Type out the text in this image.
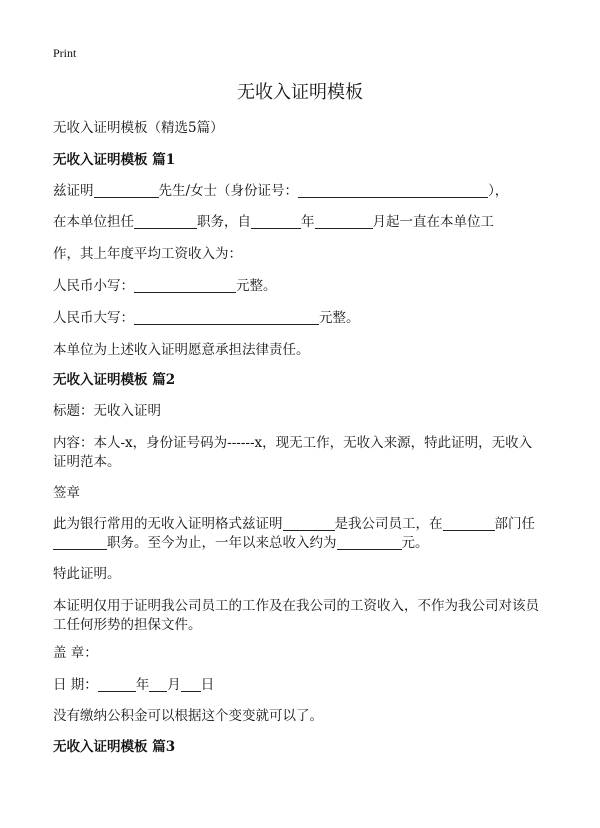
Print
无收入证明模板
无收入证明模板（精选5篇）
无收入证明模板 篇1
兹证明	先生/女士（身份证号：	），
在本单位担任	职务，自	年	月起一直在本单位工
作，其上年度平均工资收入为：
人民币小写：	元整。
人民币大写：	元整。
本单位为上述收入证明愿意承担法律责任。
无收入证明模板 篇2
标题：无收入证明
内容：本人-x，身份证号码为------x，现无工作，无收入来源，特此证明，无收入
证明范本。
签章
此为银行常用的无收入证明格式兹证明	是我公司员工，在	部门任
职务。至今为止，一年以来总收入约为	元。
特此证明。
本证明仅用于证明我公司员工的工作及在我公司的工资收入，不作为我公司对该员
工任何形势的担保文件。
盖 章：
日 期：	年 月 日
没有缴纳公积金可以根据这个变变就可以了。
无收入证明模板 篇3
